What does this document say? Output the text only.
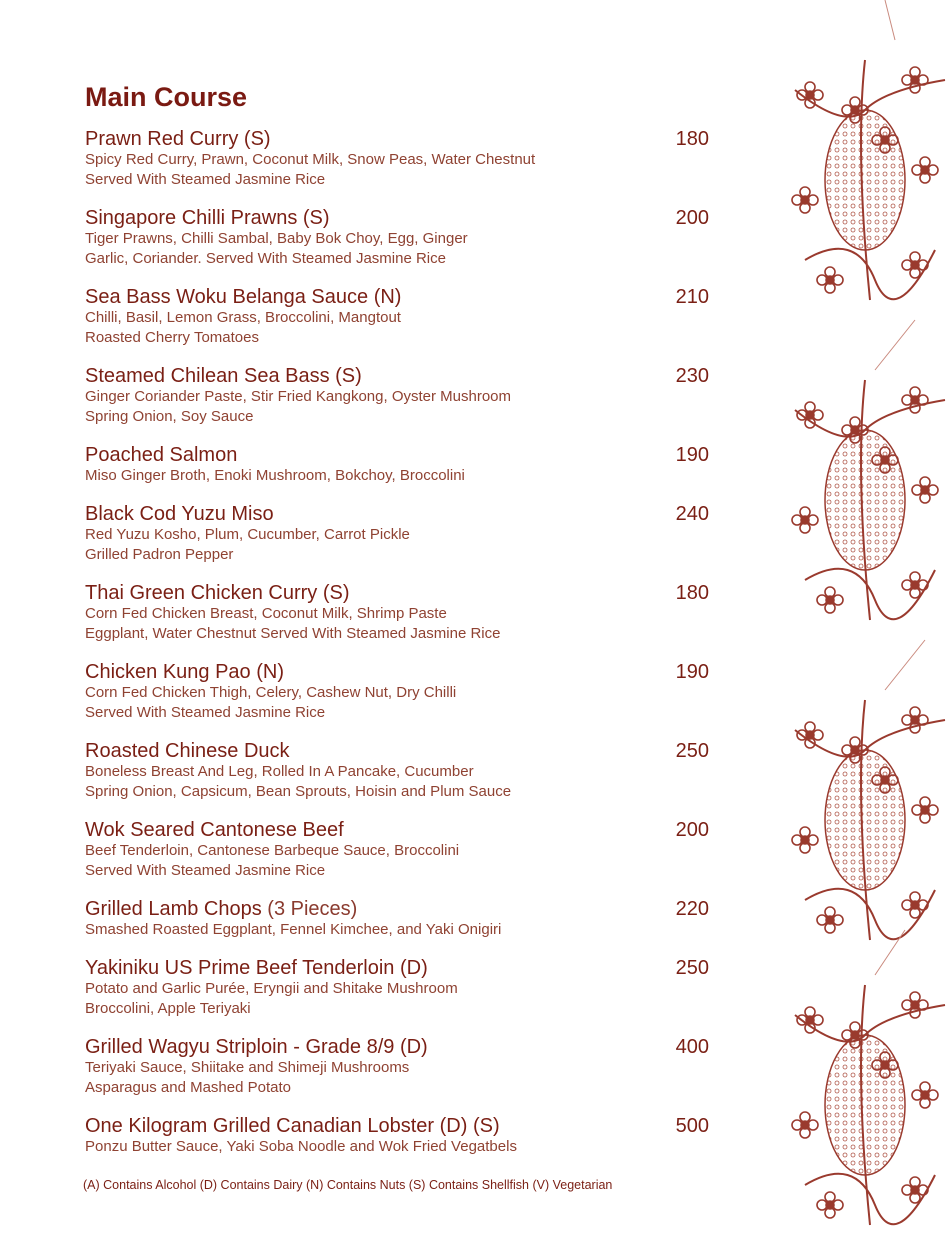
Main Course
Prawn Red Curry (S)	180
Spicy Red Curry, Prawn, Coconut Milk, Snow Peas, Water Chestnut
Served With Steamed Jasmine Rice
Singapore Chilli Prawns (S)	200
Tiger Prawns, Chilli Sambal, Baby Bok Choy, Egg, Ginger
Garlic, Coriander. Served With Steamed Jasmine Rice
Sea Bass Woku Belanga Sauce (N)	210
Chilli, Basil, Lemon Grass, Broccolini, Mangtout
Roasted Cherry Tomatoes
Steamed Chilean Sea Bass (S)	230
Ginger Coriander Paste, Stir Fried Kangkong, Oyster Mushroom
Spring Onion, Soy Sauce
Poached Salmon	190
Miso Ginger Broth, Enoki Mushroom, Bokchoy, Broccolini
Black Cod Yuzu Miso	240
Red Yuzu Kosho, Plum, Cucumber, Carrot Pickle
Grilled Padron Pepper
Thai Green Chicken Curry (S)	180
Corn Fed Chicken Breast, Coconut Milk, Shrimp Paste
Eggplant, Water Chestnut Served With Steamed Jasmine Rice
Chicken Kung Pao (N)	190
Corn Fed Chicken Thigh, Celery, Cashew Nut, Dry Chilli
Served With Steamed Jasmine Rice
Roasted Chinese Duck	250
Boneless Breast And Leg, Rolled In A Pancake, Cucumber
Spring Onion, Capsicum, Bean Sprouts, Hoisin and Plum Sauce
Wok Seared Cantonese Beef	200
Beef Tenderloin, Cantonese Barbeque Sauce, Broccolini
Served With Steamed Jasmine Rice
Grilled Lamb Chops (3 Pieces)	220
Smashed Roasted Eggplant, Fennel Kimchee, and Yaki Onigiri
Yakiniku US Prime Beef Tenderloin (D)	250
Potato and Garlic Purée, Eryngii and Shitake Mushroom
Broccolini, Apple Teriyaki
Grilled Wagyu Striploin - Grade 8/9 (D)	400
Teriyaki Sauce, Shiitake and Shimeji Mushrooms
Asparagus and Mashed Potato
One Kilogram Grilled Canadian Lobster (D) (S)	500
Ponzu Butter Sauce, Yaki Soba Noodle and Wok Fried Vegatbels
(A) Contains Alcohol (D) Contains Dairy (N) Contains Nuts (S) Contains Shellfish (V) Vegetarian
